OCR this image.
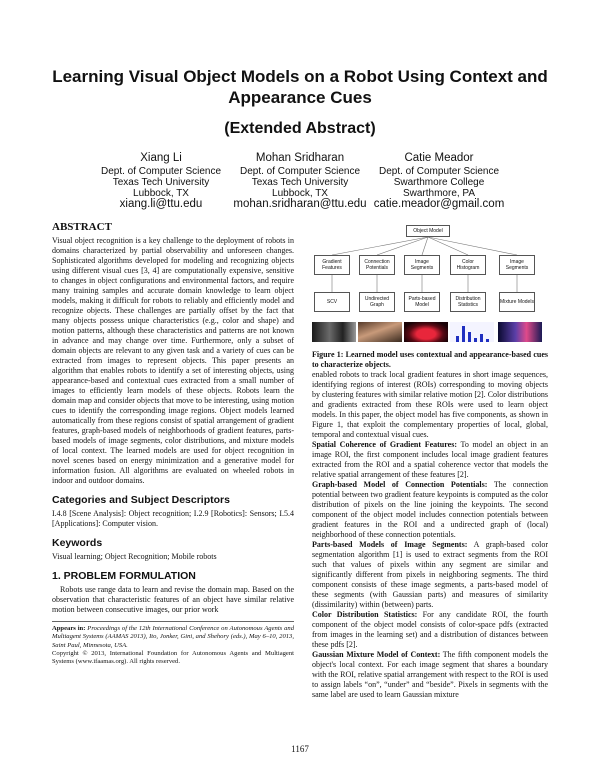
Learning Visual Object Models on a Robot Using Context and Appearance Cues
(Extended Abstract)
Xiang Li
Dept. of Computer Science
Texas Tech University
Lubbock, TX
xiang.li@ttu.edu
Mohan Sridharan
Dept. of Computer Science
Texas Tech University
Lubbock, TX
mohan.sridharan@ttu.edu
Catie Meador
Dept. of Computer Science
Swarthmore College
Swarthmore, PA
catie.meador@gmail.com
ABSTRACT

Visual object recognition is a key challenge to the deployment of robots in domains characterized by partial observability and unforeseen changes. Sophisticated algorithms developed for modeling and recognizing objects using different visual cues [3, 4] are computationally expensive, sensitive to changes in object configurations and environmental factors, and require many training samples and accurate domain knowledge to learn object models, making it difficult for robots to reliably and efficiently model and recognize objects. These challenges are partially offset by the fact that many objects possess unique characteristics (e.g., color and shape) and motion patterns, although these characteristics and patterns are not known in advance and may change over time. Furthermore, only a subset of domain objects are relevant to any given task and a variety of cues can be extracted from images to represent objects. This paper presents an algorithm that enables robots to identify a set of interesting objects, using appearance-based and contextual cues extracted from a small number of images to efficiently learn models of these objects. Robots learn the domain map and consider objects that move to be interesting, using motion cues to identify the corresponding image regions. Object models learned automatically from these regions consist of spatial arrangement of gradient features, graph-based models of neighborhoods of gradient features, parts-based models of image segments, color distributions, and mixture models of local context. The learned models are used for object recognition in novel scenes based on energy minimization and a generative model for information fusion. All algorithms are evaluated on wheeled robots in indoor and outdoor domains.

Categories and Subject Descriptors

I.4.8 [Scene Analysis]: Object recognition; I.2.9 [Robotics]: Sensors; I.5.4 [Applications]: Computer vision.

Keywords

Visual learning; Object Recognition; Mobile robots

1. PROBLEM FORMULATION

Robots use range data to learn and revise the domain map. Based on the observation that characteristic features of an object have similar relative motion between consecutive images, our prior work

Appears in: Proceedings of the 12th International Conference on Autonomous Agents and Multiagent Systems (AAMAS 2013), Ito, Jonker, Gini, and Shehory (eds.), May 6–10, 2013, Saint Paul, Minnesota, USA.
Copyright © 2013, International Foundation for Autonomous Agents and Multiagent Systems (www.ifaamas.org). All rights reserved.
Object Model
Gradient Features
Connection Potentials
Image Segments
Color Histogram
Image Segments
SCV	Undirected Graph
Parts-based Model
Distribution Statistics	Mixture Models

Figure 1: Learned model uses contextual and appearance-based cues to characterize objects.

enabled robots to track local gradient features in short image sequences, identifying regions of interest (ROIs) corresponding to moving objects by clustering features with similar relative motion [2]. Color distributions and gradients extracted from these ROIs were used to learn object models. In this paper, the object model has five components, as shown in Figure 1, that exploit the complementary properties of local, global, temporal and contextual visual cues.

Spatial Coherence of Gradient Features: To model an object in an image ROI, the first component includes local image gradient features extracted from the ROI and a spatial coherence vector that models the relative spatial arrangement of these features [2].

Graph-based Model of Connection Potentials: The connection potential between two gradient feature keypoints is computed as the color distribution of pixels on the line joining the keypoints. The second component of the object model includes connection potentials between gradient features in the ROI and a undirected graph of (local) neighborhood of these connection potentials.

Parts-based Models of Image Segments: A graph-based color segmentation algorithm [1] is used to extract segments from the ROI such that values of pixels within any segment are similar and significantly different from pixels in neighboring segments. The third component consists of these image segments, a parts-based model of these segments (with Gaussian parts) and measures of similarity (dissimilarity) within (between) parts.

Color Distribution Statistics: For any candidate ROI, the fourth component of the object model consists of color-space pdfs (extracted from images in the learning set) and a distribution of distances between these pdfs [2].

Gaussian Mixture Model of Context: The fifth component models the object's local context. For each image segment that shares a boundary with the ROI, relative spatial arrangement with respect to the ROI is used to assign labels “on”, “under” and “beside”. Pixels in segments with the same label are used to learn Gaussian mixture

1167
